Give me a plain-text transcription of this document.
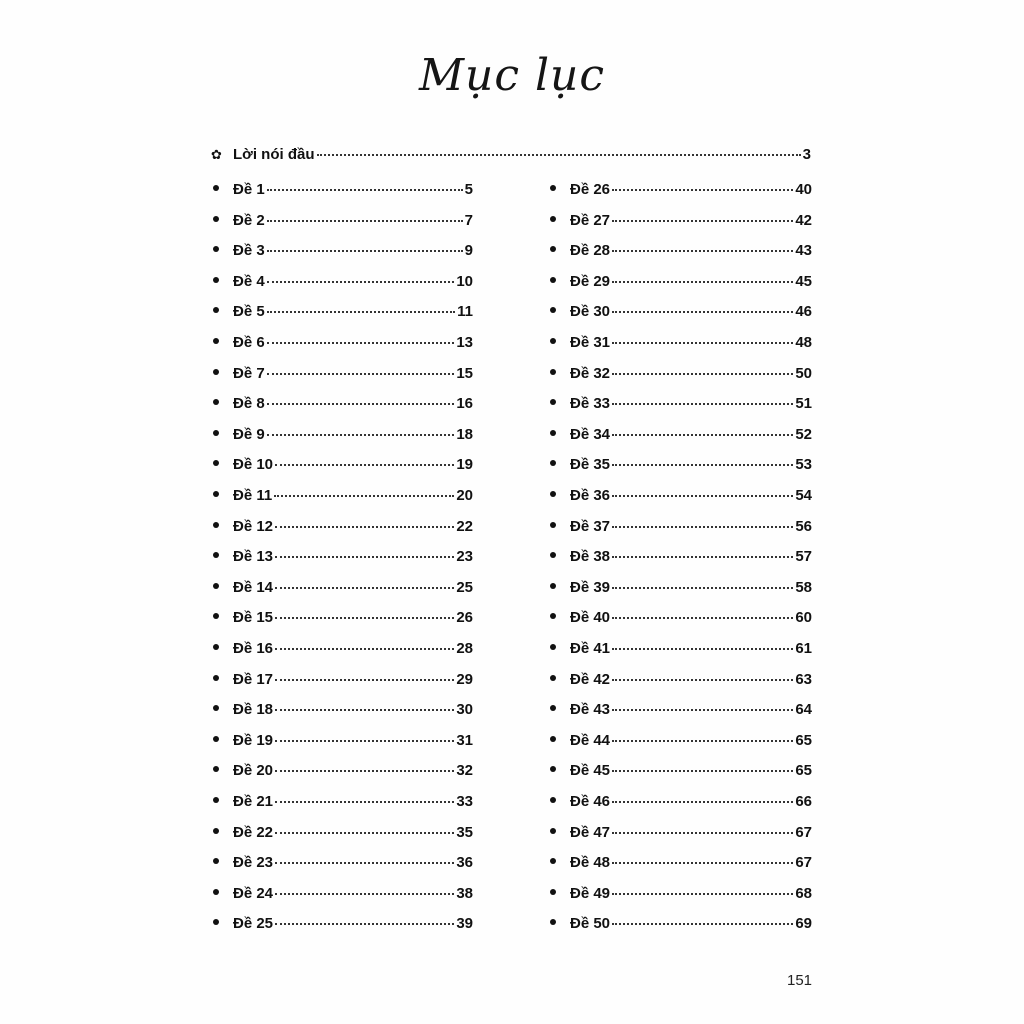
Mục lục
✿ Lời nói đầu	3
Đề 1	5
Đề 2	7
Đề 3	9
Đề 4	10
Đề 5	11
Đề 6	13
Đề 7	15
Đề 8	16
Đề 9	18
Đề 10	19
Đề 11	20
Đề 12	22
Đề 13	23
Đề 14	25
Đề 15	26
Đề 16	28
Đề 17	29
Đề 18	30
Đề 19	31
Đề 20	32
Đề 21	33
Đề 22	35
Đề 23	36
Đề 24	38
Đề 25	39
Đề 26	40
Đề 27	42
Đề 28	43
Đề 29	45
Đề 30	46
Đề 31	48
Đề 32	50
Đề 33	51
Đề 34	52
Đề 35	53
Đề 36	54
Đề 37	56
Đề 38	57
Đề 39	58
Đề 40	60
Đề 41	61
Đề 42	63
Đề 43	64
Đề 44	65
Đề 45	65
Đề 46	66
Đề 47	67
Đề 48	67
Đề 49	68
Đề 50	69
151
